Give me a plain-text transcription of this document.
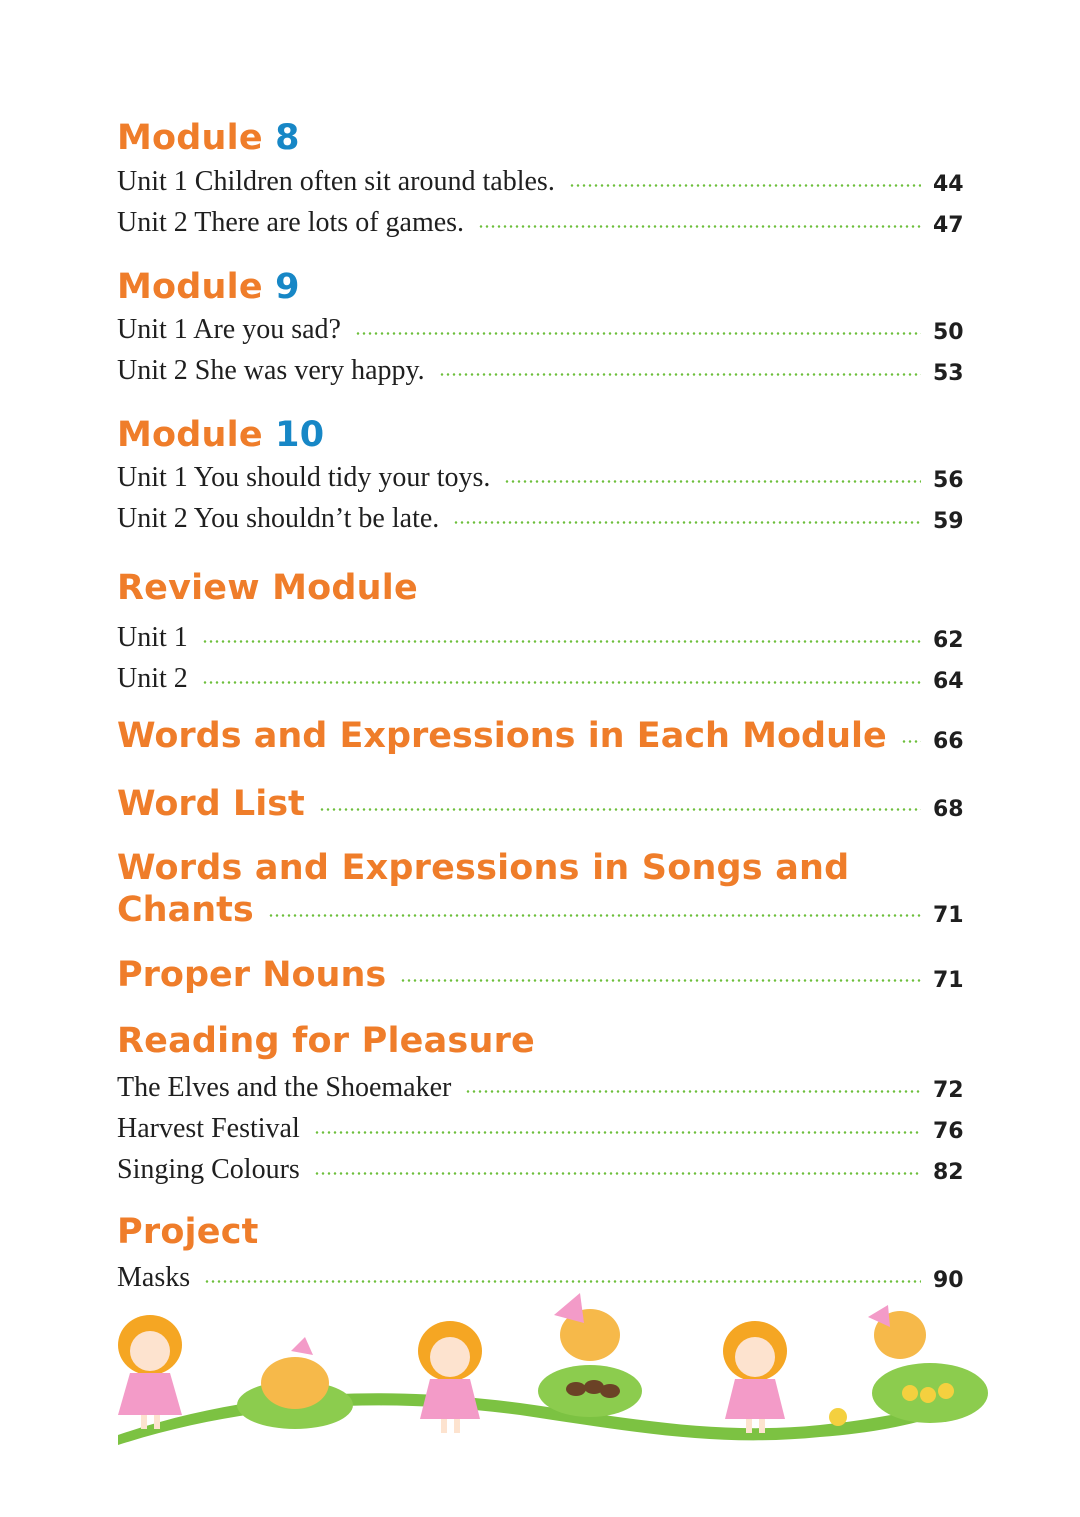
Module 8
Unit 1 Children often sit around tables.	44
Unit 2 There are lots of games.	47
Module 9
Unit 1 Are you sad?	50
Unit 2 She was very happy.	53
Module 10
Unit 1 You should tidy your toys.	56
Unit 2 You shouldn’t be late.	59
Review Module
Unit 1	62
Unit 2	64
Words and Expressions in Each Module 66
Word List	68
Words and Expressions in Songs and
Chants	71
Proper Nouns	71
Reading for Pleasure
The Elves and the Shoemaker	72
Harvest Festival	76
Singing Colours	82
Project
Masks	90
